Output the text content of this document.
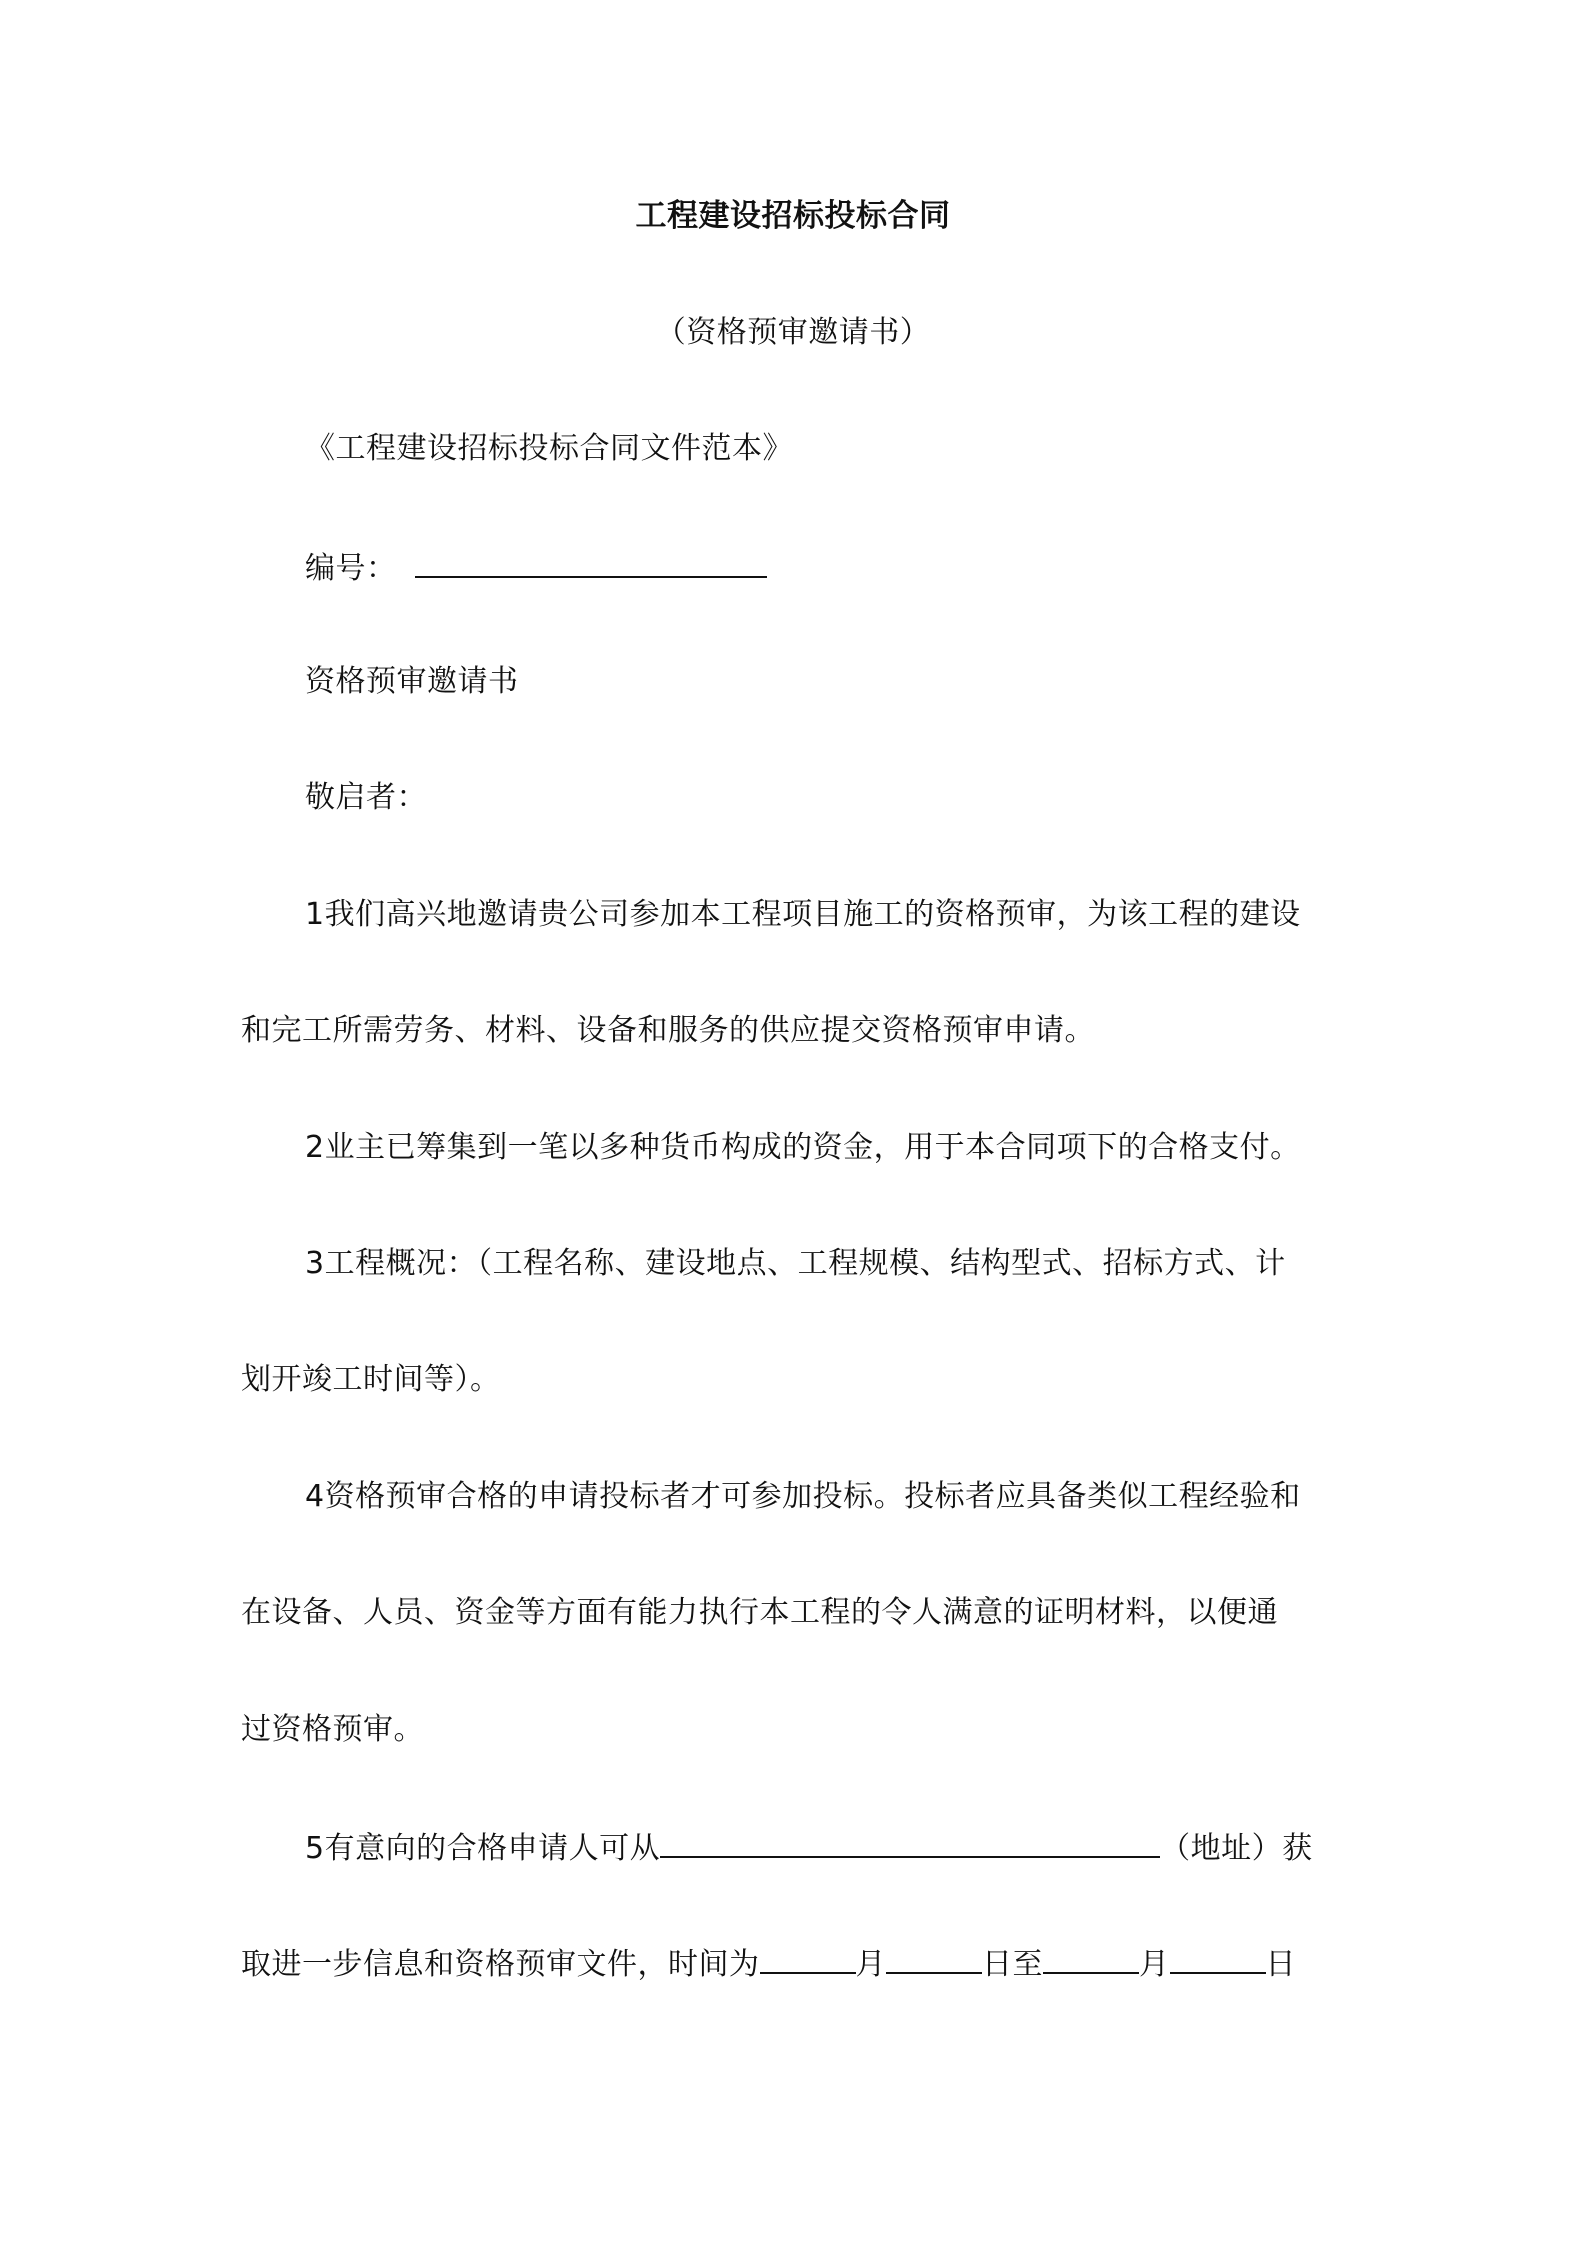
工程建设招标投标合同
（资格预审邀请书）
《工程建设招标投标合同文件范本》
编号：
资格预审邀请书
敬启者：
1我们高兴地邀请贵公司参加本工程项目施工的资格预审，为该工程的建设
和完工所需劳务、材料、设备和服务的供应提交资格预审申请。
2业主已筹集到一笔以多种货币构成的资金，用于本合同项下的合格支付。
3工程概况：（工程名称、建设地点、工程规模、结构型式、招标方式、计
划开竣工时间等）。
4资格预审合格的申请投标者才可参加投标。投标者应具备类似工程经验和
在设备、人员、资金等方面有能力执行本工程的令人满意的证明材料，以便通
过资格预审。
5有意向的合格申请人可从	（地址）获
取进一步信息和资格预审文件，时间为	月	日至	月	日
